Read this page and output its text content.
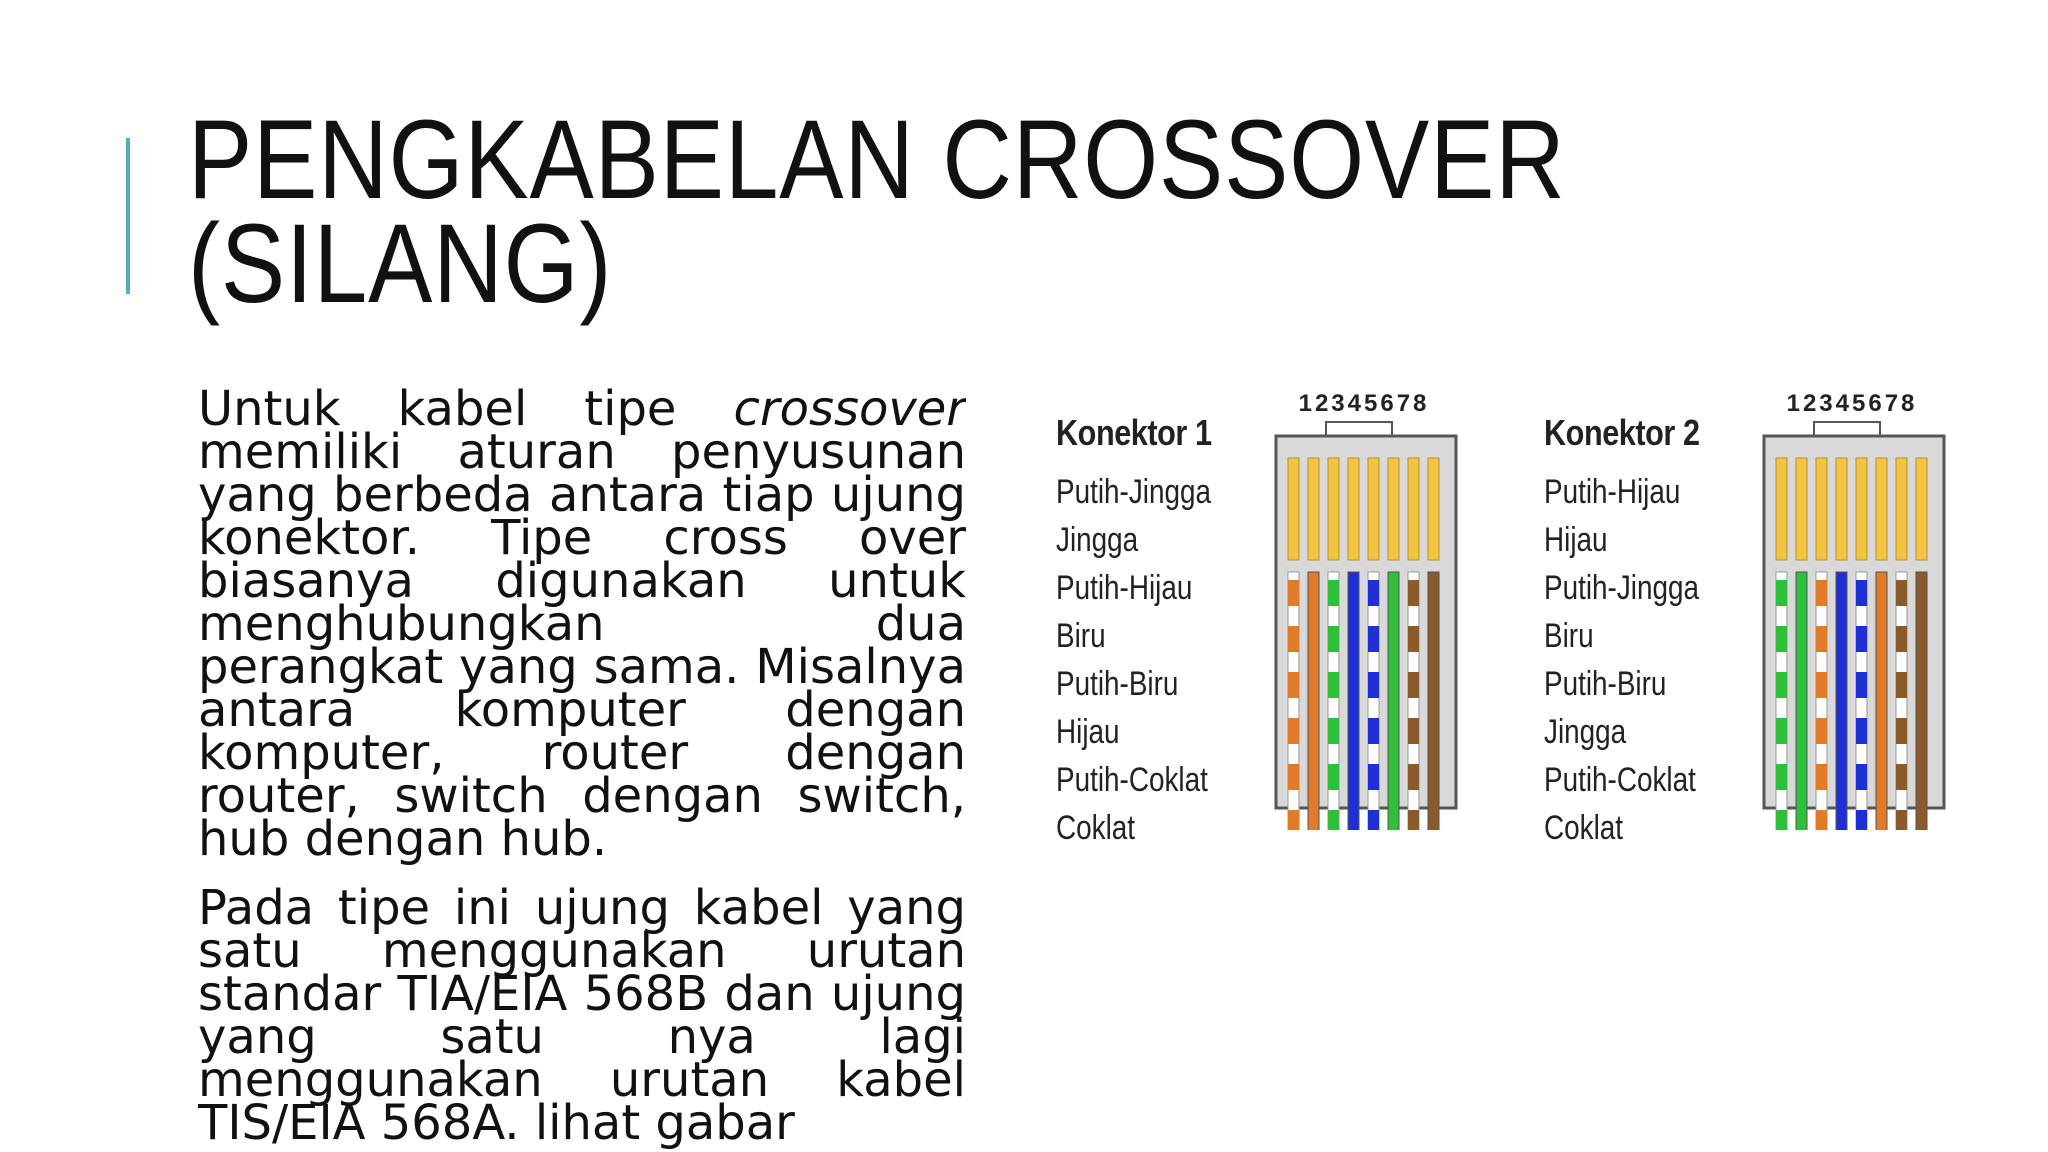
PENGKABELAN CROSSOVER
(SILANG)

Untuk kabel tipe crossover memiliki aturan penyusunan yang berbeda antara tiap ujung konektor. Tipe cross over biasanya digunakan untuk menghubungkan dua perangkat yang sama. Misalnya antara komputer dengan komputer, router dengan router, switch dengan switch, hub dengan hub.

Pada tipe ini ujung kabel yang satu menggunakan urutan standar TIA/EIA 568B dan ujung yang satu nya lagi menggunakan urutan kabel TIS/EIA 568A. lihat gabar

Konektor 1
Putih-Jingga
Jingga
Putih-Hijau
Biru
Putih-Biru
Hijau
Putih-Coklat
Coklat
12345678
Konektor 2
Putih-Hijau
Hijau
Putih-Jingga
Biru
Putih-Biru
Jingga
Putih-Coklat
Coklat
12345678
